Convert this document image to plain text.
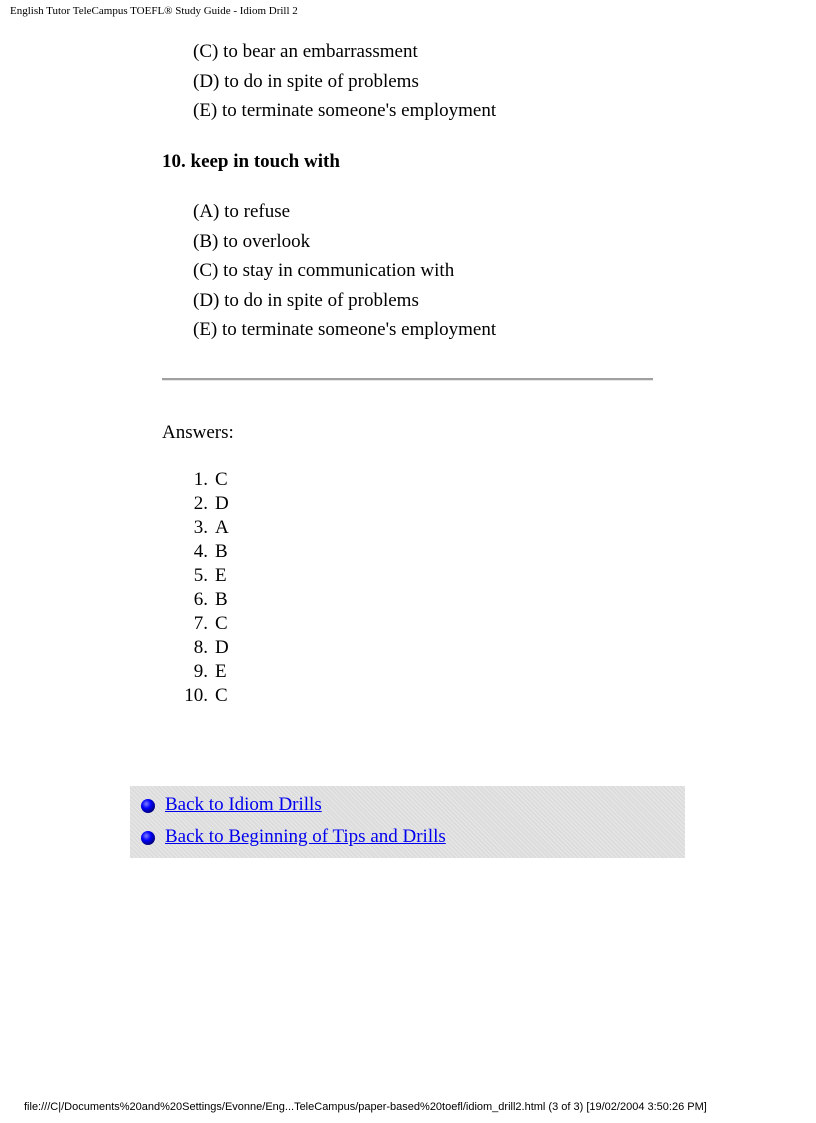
English Tutor TeleCampus TOEFL® Study Guide - Idiom Drill 2
(C) to bear an embarrassment
(D) to do in spite of problems
(E) to terminate someone's employment
10. keep in touch with
(A) to refuse
(B) to overlook
(C) to stay in communication with
(D) to do in spite of problems
(E) to terminate someone's employment
Answers:
1. C
2. D
3. A
4. B
5. E
6. B
7. C
8. D
9. E
10. C
Back to Idiom Drills
Back to Beginning of Tips and Drills
file:///C|/Documents%20and%20Settings/Evonne/Eng...TeleCampus/paper-based%20toefl/idiom_drill2.html (3 of 3) [19/02/2004 3:50:26 PM]
